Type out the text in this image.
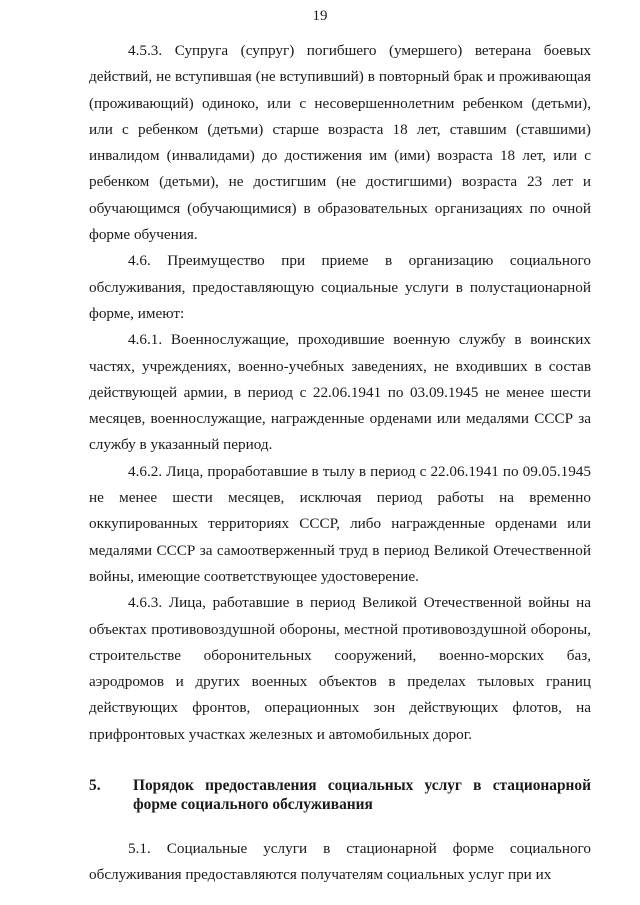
19

4.5.3. Супруга (супруг) погибшего (умершего) ветерана боевых действий, не вступившая (не вступивший) в повторный брак и проживающая (проживающий) одиноко, или с несовершеннолетним ребенком (детьми), или с ребенком (детьми) старше возраста 18 лет, ставшим (ставшими) инвалидом (инвалидами) до достижения им (ими) возраста 18 лет, или с ребенком (детьми), не достигшим (не достигшими) возраста 23 лет и обучающимся (обучающимися) в образовательных организациях по очной форме обучения.

4.6. Преимущество при приеме в организацию социального обслуживания, предоставляющую социальные услуги в полустационарной форме, имеют:

4.6.1. Военнослужащие, проходившие военную службу в воинских частях, учреждениях, военно-учебных заведениях, не входивших в состав действующей армии, в период с 22.06.1941 по 03.09.1945 не менее шести месяцев, военнослужащие, награжденные орденами или медалями СССР за службу в указанный период.

4.6.2. Лица, проработавшие в тылу в период с 22.06.1941 по 09.05.1945 не менее шести месяцев, исключая период работы на временно оккупированных территориях СССР, либо награжденные орденами или медалями СССР за самоотверженный труд в период Великой Отечественной войны, имеющие соответствующее удостоверение.

4.6.3. Лица, работавшие в период Великой Отечественной войны на объектах противовоздушной обороны, местной противовоздушной обороны, строительстве оборонительных сооружений, военно-морских баз, аэродромов и других военных объектов в пределах тыловых границ действующих фронтов, операционных зон действующих флотов, на прифронтовых участках железных и автомобильных дорог.

5.	Порядок предоставления социальных услуг в стационарной форме социального обслуживания

5.1. Социальные услуги в стационарной форме социального обслуживания предоставляются получателям социальных услуг при их
